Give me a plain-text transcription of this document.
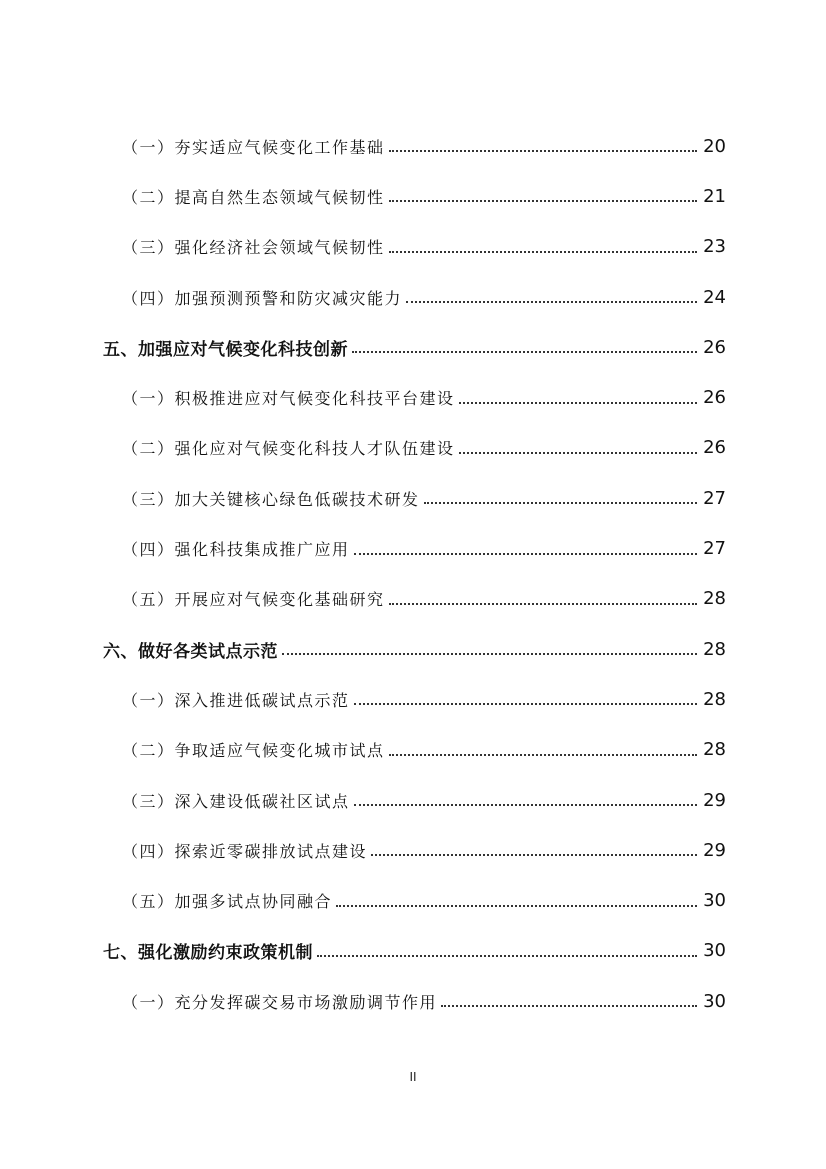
（一）夯实适应气候变化工作基础	20
（二）提高自然生态领域气候韧性	21
（三）强化经济社会领域气候韧性	23
（四）加强预测预警和防灾减灾能力	24
五、加强应对气候变化科技创新	26
（一）积极推进应对气候变化科技平台建设	26
（二）强化应对气候变化科技人才队伍建设	26
（三）加大关键核心绿色低碳技术研发	27
（四）强化科技集成推广应用	27
（五）开展应对气候变化基础研究	28
六、做好各类试点示范	28
（一）深入推进低碳试点示范	28
（二）争取适应气候变化城市试点	28
（三）深入建设低碳社区试点	29
（四）探索近零碳排放试点建设	29
（五）加强多试点协同融合	30
七、强化激励约束政策机制	30
（一）充分发挥碳交易市场激励调节作用	30
II
